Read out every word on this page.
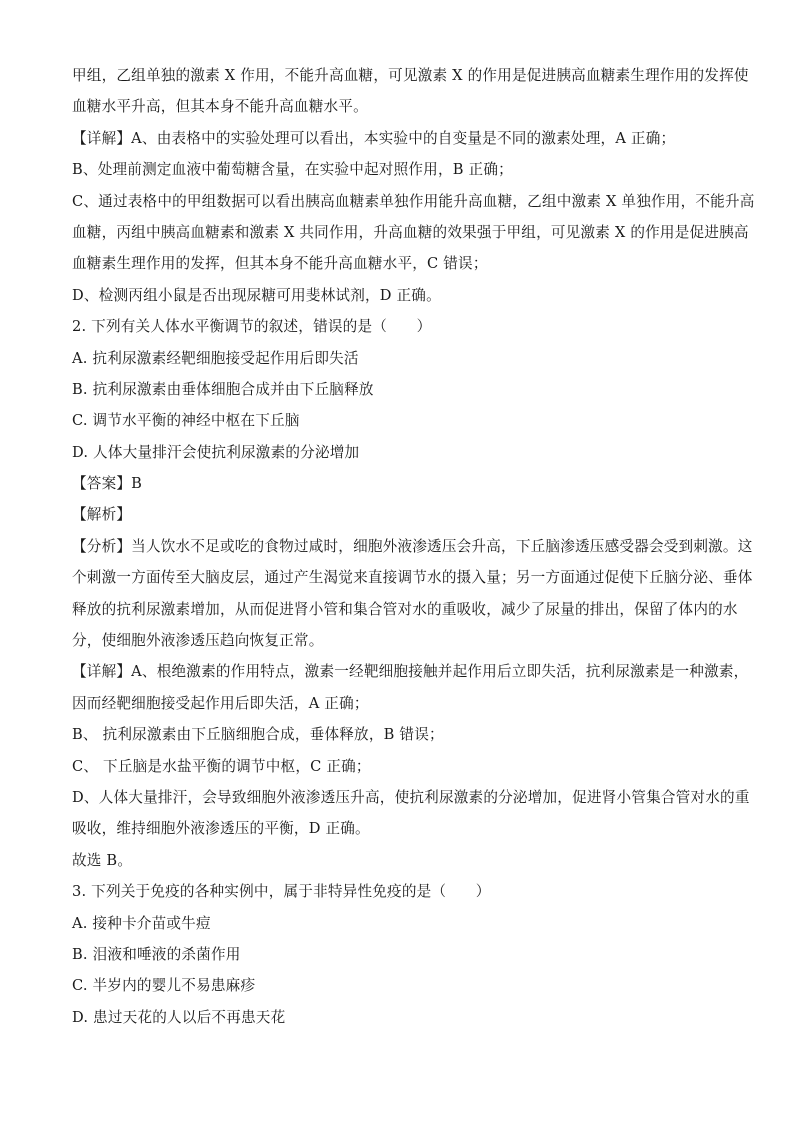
甲组，乙组单独的激素 X 作用，不能升高血糖，可见激素 X 的作用是促进胰高血糖素生理作用的发挥使
血糖水平升高，但其本身不能升高血糖水平。
【详解】A、由表格中的实验处理可以看出，本实验中的自变量是不同的激素处理，A 正确；
B、处理前测定血液中葡萄糖含量，在实验中起对照作用，B 正确；
C、通过表格中的甲组数据可以看出胰高血糖素单独作用能升高血糖，乙组中激素 X 单独作用，不能升高
血糖，丙组中胰高血糖素和激素 X 共同作用，升高血糖的效果强于甲组，可见激素 X 的作用是促进胰高
血糖素生理作用的发挥，但其本身不能升高血糖水平，C 错误；
D、检测丙组小鼠是否出现尿糖可用斐林试剂，D 正确。
2. 下列有关人体水平衡调节的叙述，错误的是（　　）
A. 抗利尿激素经靶细胞接受起作用后即失活
B. 抗利尿激素由垂体细胞合成并由下丘脑释放
C. 调节水平衡的神经中枢在下丘脑
D. 人体大量排汗会使抗利尿激素的分泌增加
【答案】B
【解析】
【分析】当人饮水不足或吃的食物过咸时，细胞外液渗透压会升高，下丘脑渗透压感受器会受到刺激。这
个刺激一方面传至大脑皮层，通过产生渴觉来直接调节水的摄入量；另一方面通过促使下丘脑分泌、垂体
释放的抗利尿激素增加，从而促进肾小管和集合管对水的重吸收，减少了尿量的排出，保留了体内的水
分，使细胞外液渗透压趋向恢复正常。
【详解】A、根绝激素的作用特点，激素一经靶细胞接触并起作用后立即失活，抗利尿激素是一种激素，
因而经靶细胞接受起作用后即失活，A 正确；
B、 抗利尿激素由下丘脑细胞合成，垂体释放，B 错误；
C、 下丘脑是水盐平衡的调节中枢，C 正确；
D、人体大量排汗，会导致细胞外液渗透压升高，使抗利尿激素的分泌增加，促进肾小管集合管对水的重
吸收，维持细胞外液渗透压的平衡，D 正确。
故选 B。
3. 下列关于免疫的各种实例中，属于非特异性免疫的是（　　）
A. 接种卡介苗或牛痘
B. 泪液和唾液的杀菌作用
C. 半岁内的婴儿不易患麻疹
D. 患过天花的人以后不再患天花
